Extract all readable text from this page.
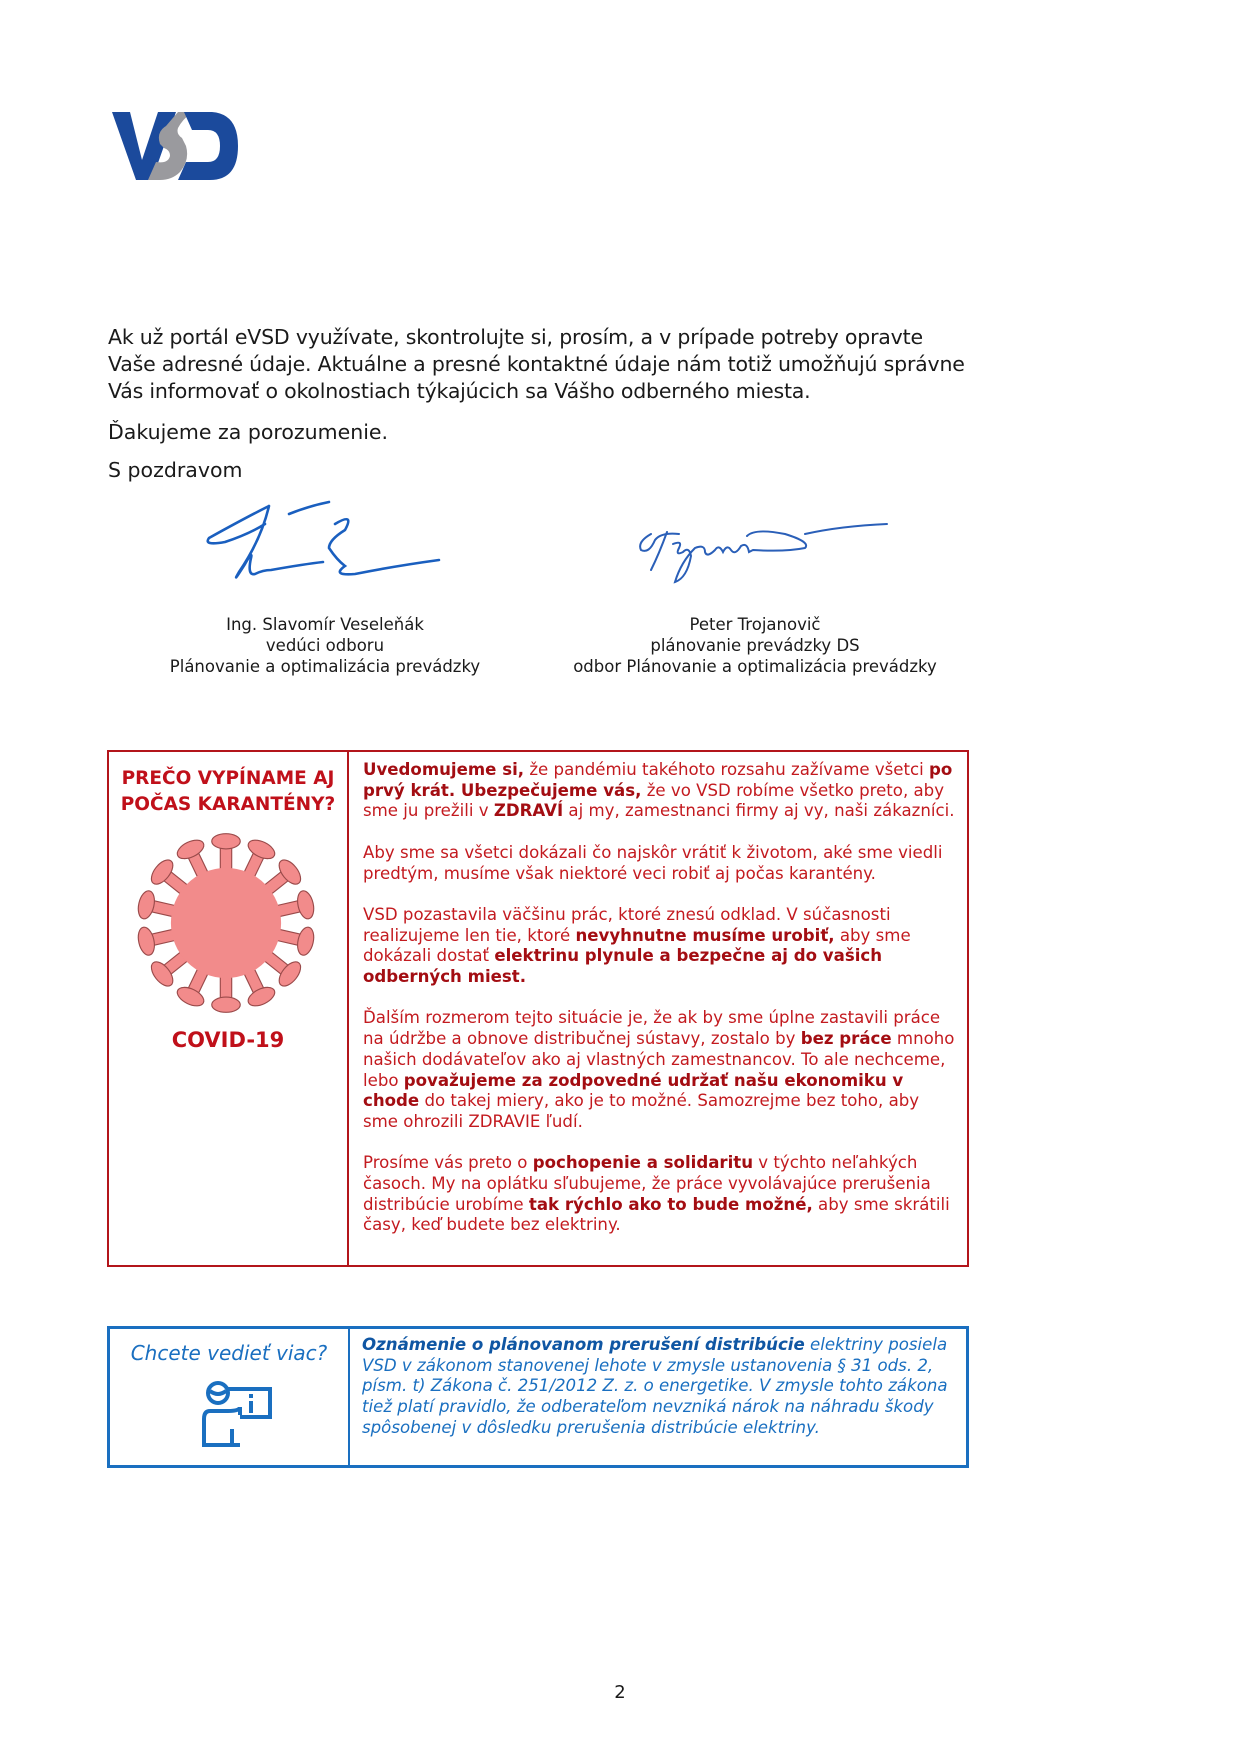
Ak už portál eVSD využívate, skontrolujte si, prosím, a v prípade potreby opravte Vaše adresné údaje. Aktuálne a presné kontaktné údaje nám totiž umožňujú správne Vás informovať o okolnostiach týkajúcich sa Vášho odberného miesta.

Ďakujeme za porozumenie.
S pozdravom
Ing. Slavomír Veseleňák
vedúci odboru
Plánovanie a optimalizácia prevádzky
Peter Trojanovič
plánovanie prevádzky DS
odbor Plánovanie a optimalizácia prevádzky
PREČO VYPÍNAME AJ
POČAS KARANTÉNY?
COVID-19

Uvedomujeme si, že pandémiu takéhoto rozsahu zažívame všetci po prvý krát. Ubezpečujeme vás, že vo VSD robíme všetko preto, aby sme ju prežili v ZDRAVÍ aj my, zamestnanci firmy aj vy, naši zákazníci.

Aby sme sa všetci dokázali čo najskôr vrátiť k životom, aké sme viedli predtým, musíme však niektoré veci robiť aj počas karantény.

VSD pozastavila väčšinu prác, ktoré znesú odklad. V súčasnosti realizujeme len tie, ktoré nevyhnutne musíme urobiť, aby sme dokázali dostať elektrinu plynule a bezpečne aj do vašich odberných miest.

Ďalším rozmerom tejto situácie je, že ak by sme úplne zastavili práce na údržbe a obnove distribučnej sústavy, zostalo by bez práce mnoho našich dodávateľov ako aj vlastných zamestnancov. To ale nechceme, lebo považujeme za zodpovedné udržať našu ekonomiku v chode do takej miery, ako je to možné. Samozrejme bez toho, aby sme ohrozili ZDRAVIE ľudí.

Prosíme vás preto o pochopenie a solidaritu v týchto neľahkých časoch. My na oplátku sľubujeme, že práce vyvolávajúce prerušenia distribúcie urobíme tak rýchlo ako to bude možné, aby sme skrátili časy, keď budete bez elektriny.

Chcete vedieť viac?	Oznámenie o plánovanom prerušení distribúcie elektriny posiela VSD v zákonom stanovenej lehote v zmysle ustanovenia § 31 ods. 2, písm. t) Zákona č. 251/2012 Z. z. o energetike. V zmysle tohto zákona tiež platí pravidlo, že odberateľom nevzniká nárok na náhradu škody spôsobenej v dôsledku prerušenia distribúcie elektriny.
2
